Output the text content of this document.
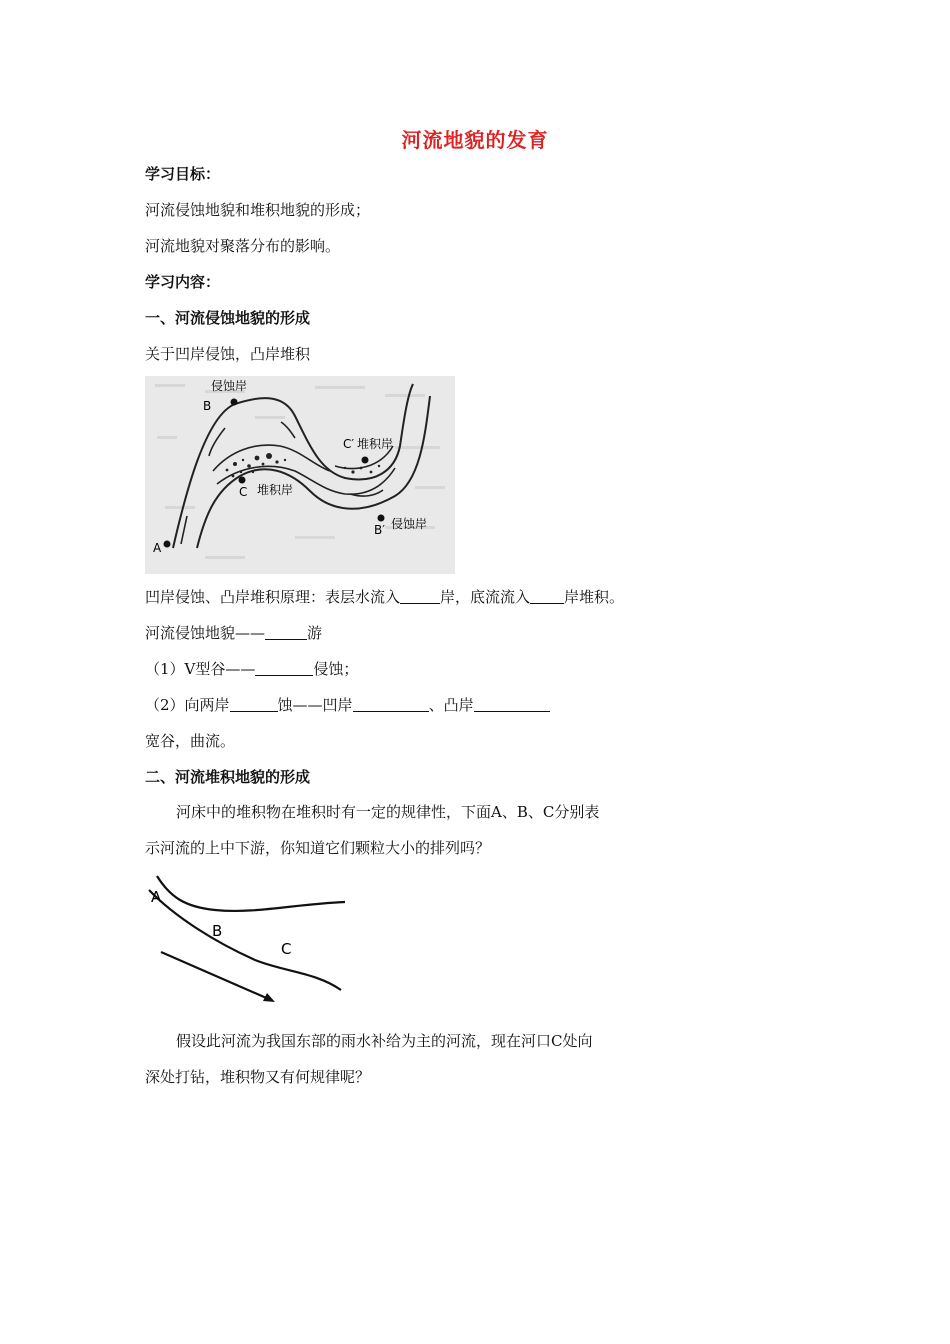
河流地貌的发育
学习目标：
河流侵蚀地貌和堆积地貌的形成；
河流地貌对聚落分布的影响。
学习内容：
一、河流侵蚀地貌的形成
关于凹岸侵蚀，凸岸堆积
B
侵蚀岸
C′ 堆积岸
C 堆积岸
B′ 侵蚀岸
A
凹岸侵蚀、凸岸堆积原理：表层水流入	岸，底流流入 岸堆积。
河流侵蚀地貌——	游
（1）V型谷——	侵蚀；
（2）向两岸	蚀——凹岸	、凸岸
宽谷，曲流。
二、河流堆积地貌的形成
河床中的堆积物在堆积时有一定的规律性，下面A、B、C分别表
示河流的上中下游，你知道它们颗粒大小的排列吗？
A
B
C
假设此河流为我国东部的雨水补给为主的河流，现在河口C处向
深处打钻，堆积物又有何规律呢？
